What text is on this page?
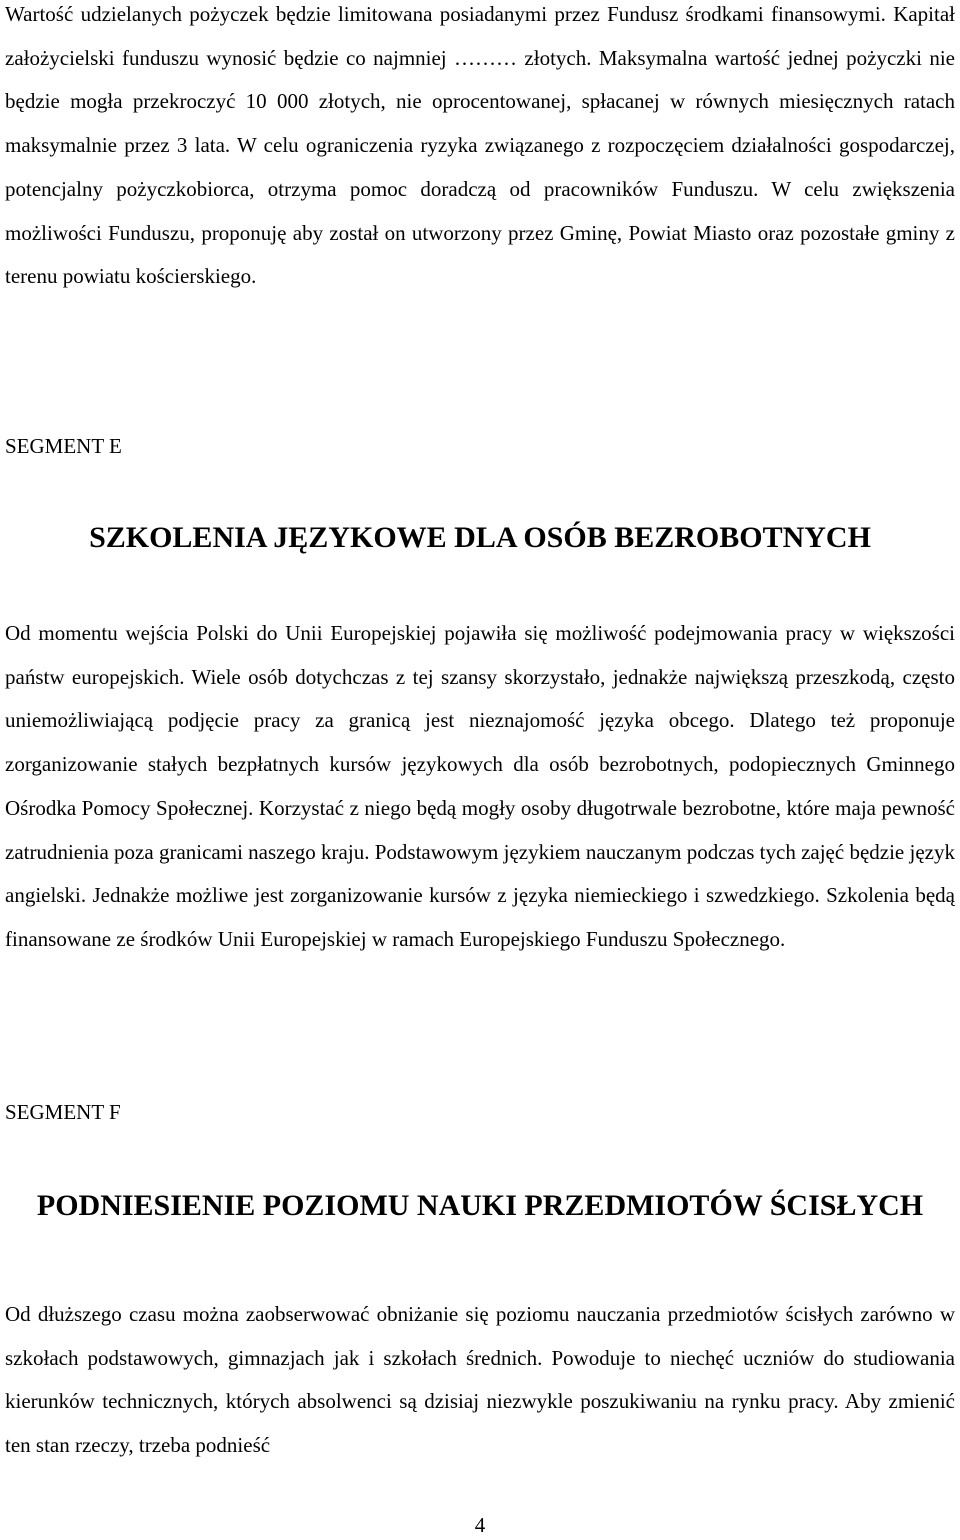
Wartość udzielanych pożyczek będzie limitowana posiadanymi przez Fundusz środkami finansowymi. Kapitał założycielski funduszu wynosić będzie co najmniej ……… złotych. Maksymalna wartość jednej pożyczki nie będzie mogła przekroczyć 10 000 złotych, nie oprocentowanej, spłacanej w równych miesięcznych ratach maksymalnie przez 3 lata. W celu ograniczenia ryzyka związanego z rozpoczęciem działalności gospodarczej, potencjalny pożyczkobiorca, otrzyma pomoc doradczą od pracowników Funduszu. W celu zwiększenia możliwości Funduszu, proponuję aby został on utworzony przez Gminę, Powiat Miasto oraz pozostałe gminy z terenu powiatu kościerskiego.

SEGMENT E
SZKOLENIA JĘZYKOWE DLA OSÓB BEZROBOTNYCH

Od momentu wejścia Polski do Unii Europejskiej pojawiła się możliwość podejmowania pracy w większości państw europejskich. Wiele osób dotychczas z tej szansy skorzystało, jednakże największą przeszkodą, często uniemożliwiającą podjęcie pracy za granicą jest nieznajomość języka obcego. Dlatego też proponuje zorganizowanie stałych bezpłatnych kursów językowych dla osób bezrobotnych, podopiecznych Gminnego Ośrodka Pomocy Społecznej. Korzystać z niego będą mogły osoby długotrwale bezrobotne, które maja pewność zatrudnienia poza granicami naszego kraju. Podstawowym językiem nauczanym podczas tych zajęć będzie język angielski. Jednakże możliwe jest zorganizowanie kursów z języka niemieckiego i szwedzkiego. Szkolenia będą finansowane ze środków Unii Europejskiej w ramach Europejskiego Funduszu Społecznego.

SEGMENT F
PODNIESIENIE POZIOMU NAUKI PRZEDMIOTÓW ŚCISŁYCH

Od dłuższego czasu można zaobserwować obniżanie się poziomu nauczania przedmiotów ścisłych zarówno w szkołach podstawowych, gimnazjach jak i szkołach średnich. Powoduje to niechęć uczniów do studiowania kierunków technicznych, których absolwenci są dzisiaj niezwykle poszukiwaniu na rynku pracy. Aby zmienić ten stan rzeczy, trzeba podnieść

4
